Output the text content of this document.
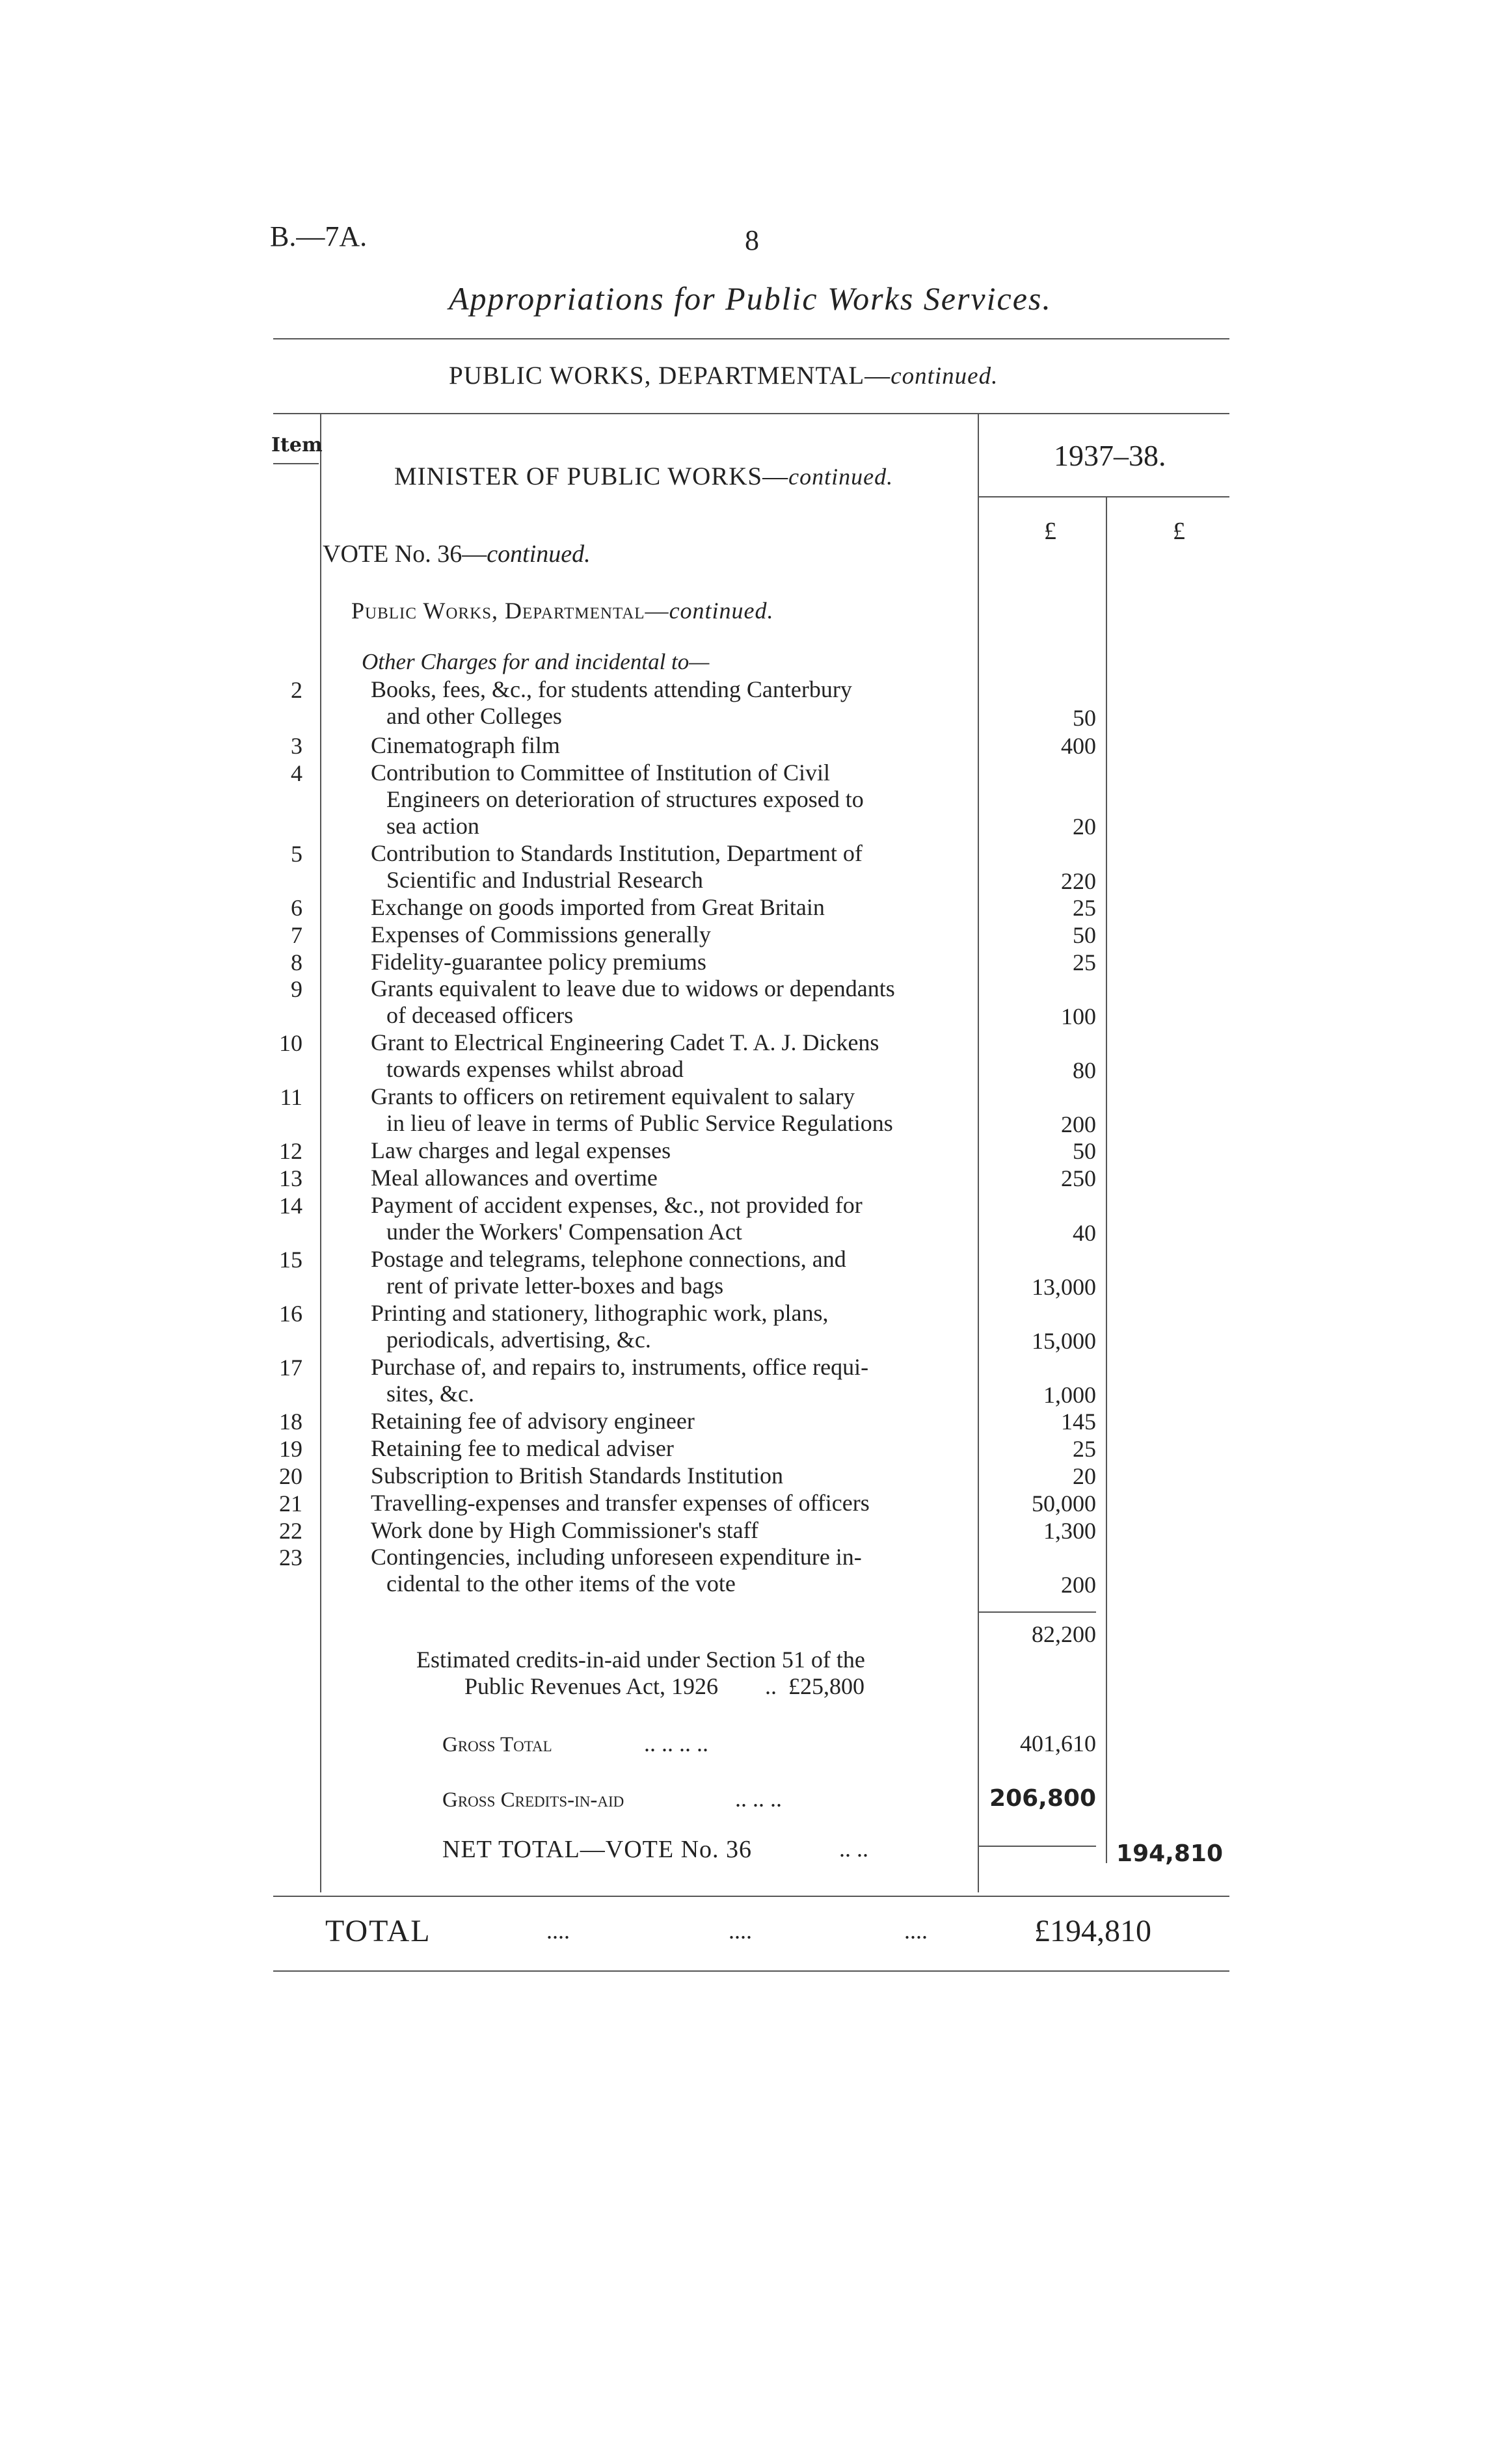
B.—7A.	8
Appropriations for Public Works Services.
PUBLIC WORKS, DEPARTMENTAL—continued.
Item	1937–38.
MINISTER OF PUBLIC WORKS—continued.
£	£
VOTE No. 36—continued.
Public Works, Departmental—continued.
Other Charges for and incidental to—
2	Books, fees, &c., for students attending Canterbury
and other Colleges	50
3	Cinematograph film	400
4	Contribution to Committee of Institution of Civil
Engineers on deterioration of structures exposed to
sea action	20
5	Contribution to Standards Institution, Department of
Scientific and Industrial Research	220
6	Exchange on goods imported from Great Britain	25
7	Expenses of Commissions generally	50
8	Fidelity-guarantee policy premiums	25
9	Grants equivalent to leave due to widows or dependants
of deceased officers	100
10	Grant to Electrical Engineering Cadet T. A. J. Dickens
towards expenses whilst abroad	80
11	Grants to officers on retirement equivalent to salary
in lieu of leave in terms of Public Service Regulations	200
12	Law charges and legal expenses	50
13	Meal allowances and overtime	250
14	Payment of accident expenses, &c., not provided for
under the Workers' Compensation Act	40
15	Postage and telegrams, telephone connections, and
rent of private letter-boxes and bags	13,000
16	Printing and stationery, lithographic work, plans,
periodicals, advertising, &c.	15,000
17	Purchase of, and repairs to, instruments, office requi-
sites, &c.	1,000
18	Retaining fee of advisory engineer	145
19	Retaining fee to medical adviser	25
20	Subscription to British Standards Institution	20
21	Travelling-expenses and transfer expenses of officers	50,000
22	Work done by High Commissioner's staff	1,300
23	Contingencies, including unforeseen expenditure in-
cidental to the other items of the vote	200
82,200
Estimated credits-in-aid under Section 51 of the
Public Revenues Act, 1926        ..  £25,800
Gross Total	.. .. .. ..	401,610
Gross Credits-in-aid	.. .. ..	206,800
NET TOTAL—VOTE No. 36	.. ..	194,810
TOTAL	....	....	....	£194,810
